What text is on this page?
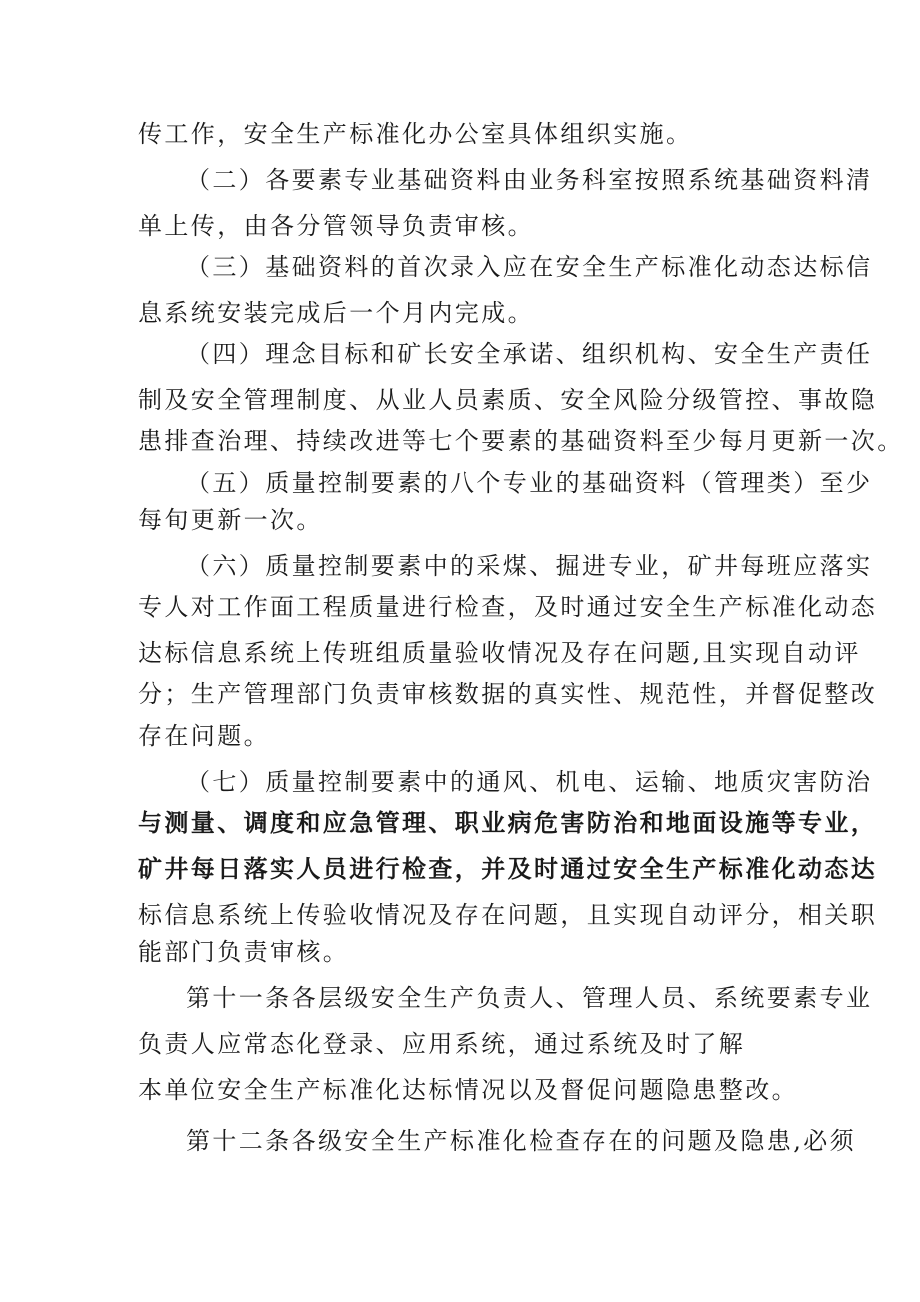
传工作，安全生产标准化办公室具体组织实施。
（二）各要素专业基础资料由业务科室按照系统基础资料清
单上传，由各分管领导负责审核。
（三）基础资料的首次录入应在安全生产标准化动态达标信
息系统安装完成后一个月内完成。
（四）理念目标和矿长安全承诺、组织机构、安全生产责任
制及安全管理制度、从业人员素质、安全风险分级管控、事故隐
患排查治理、持续改进等七个要素的基础资料至少每月更新一次。
（五）质量控制要素的八个专业的基础资料（管理类）至少
每旬更新一次。
（六）质量控制要素中的采煤、掘进专业，矿井每班应落实
专人对工作面工程质量进行检查，及时通过安全生产标准化动态
达标信息系统上传班组质量验收情况及存在问题,且实现自动评
分；生产管理部门负责审核数据的真实性、规范性，并督促整改
存在问题。
（七）质量控制要素中的通风、机电、运输、地质灾害防治
与测量、调度和应急管理、职业病危害防治和地面设施等专业，
矿井每日落实人员进行检查，并及时通过安全生产标准化动态达
标信息系统上传验收情况及存在问题，且实现自动评分，相关职
能部门负责审核。
第十一条各层级安全生产负责人、管理人员、系统要素专业
负责人应常态化登录、应用系统，通过系统及时了解
本单位安全生产标准化达标情况以及督促问题隐患整改。
第十二条各级安全生产标准化检查存在的问题及隐患,必须
